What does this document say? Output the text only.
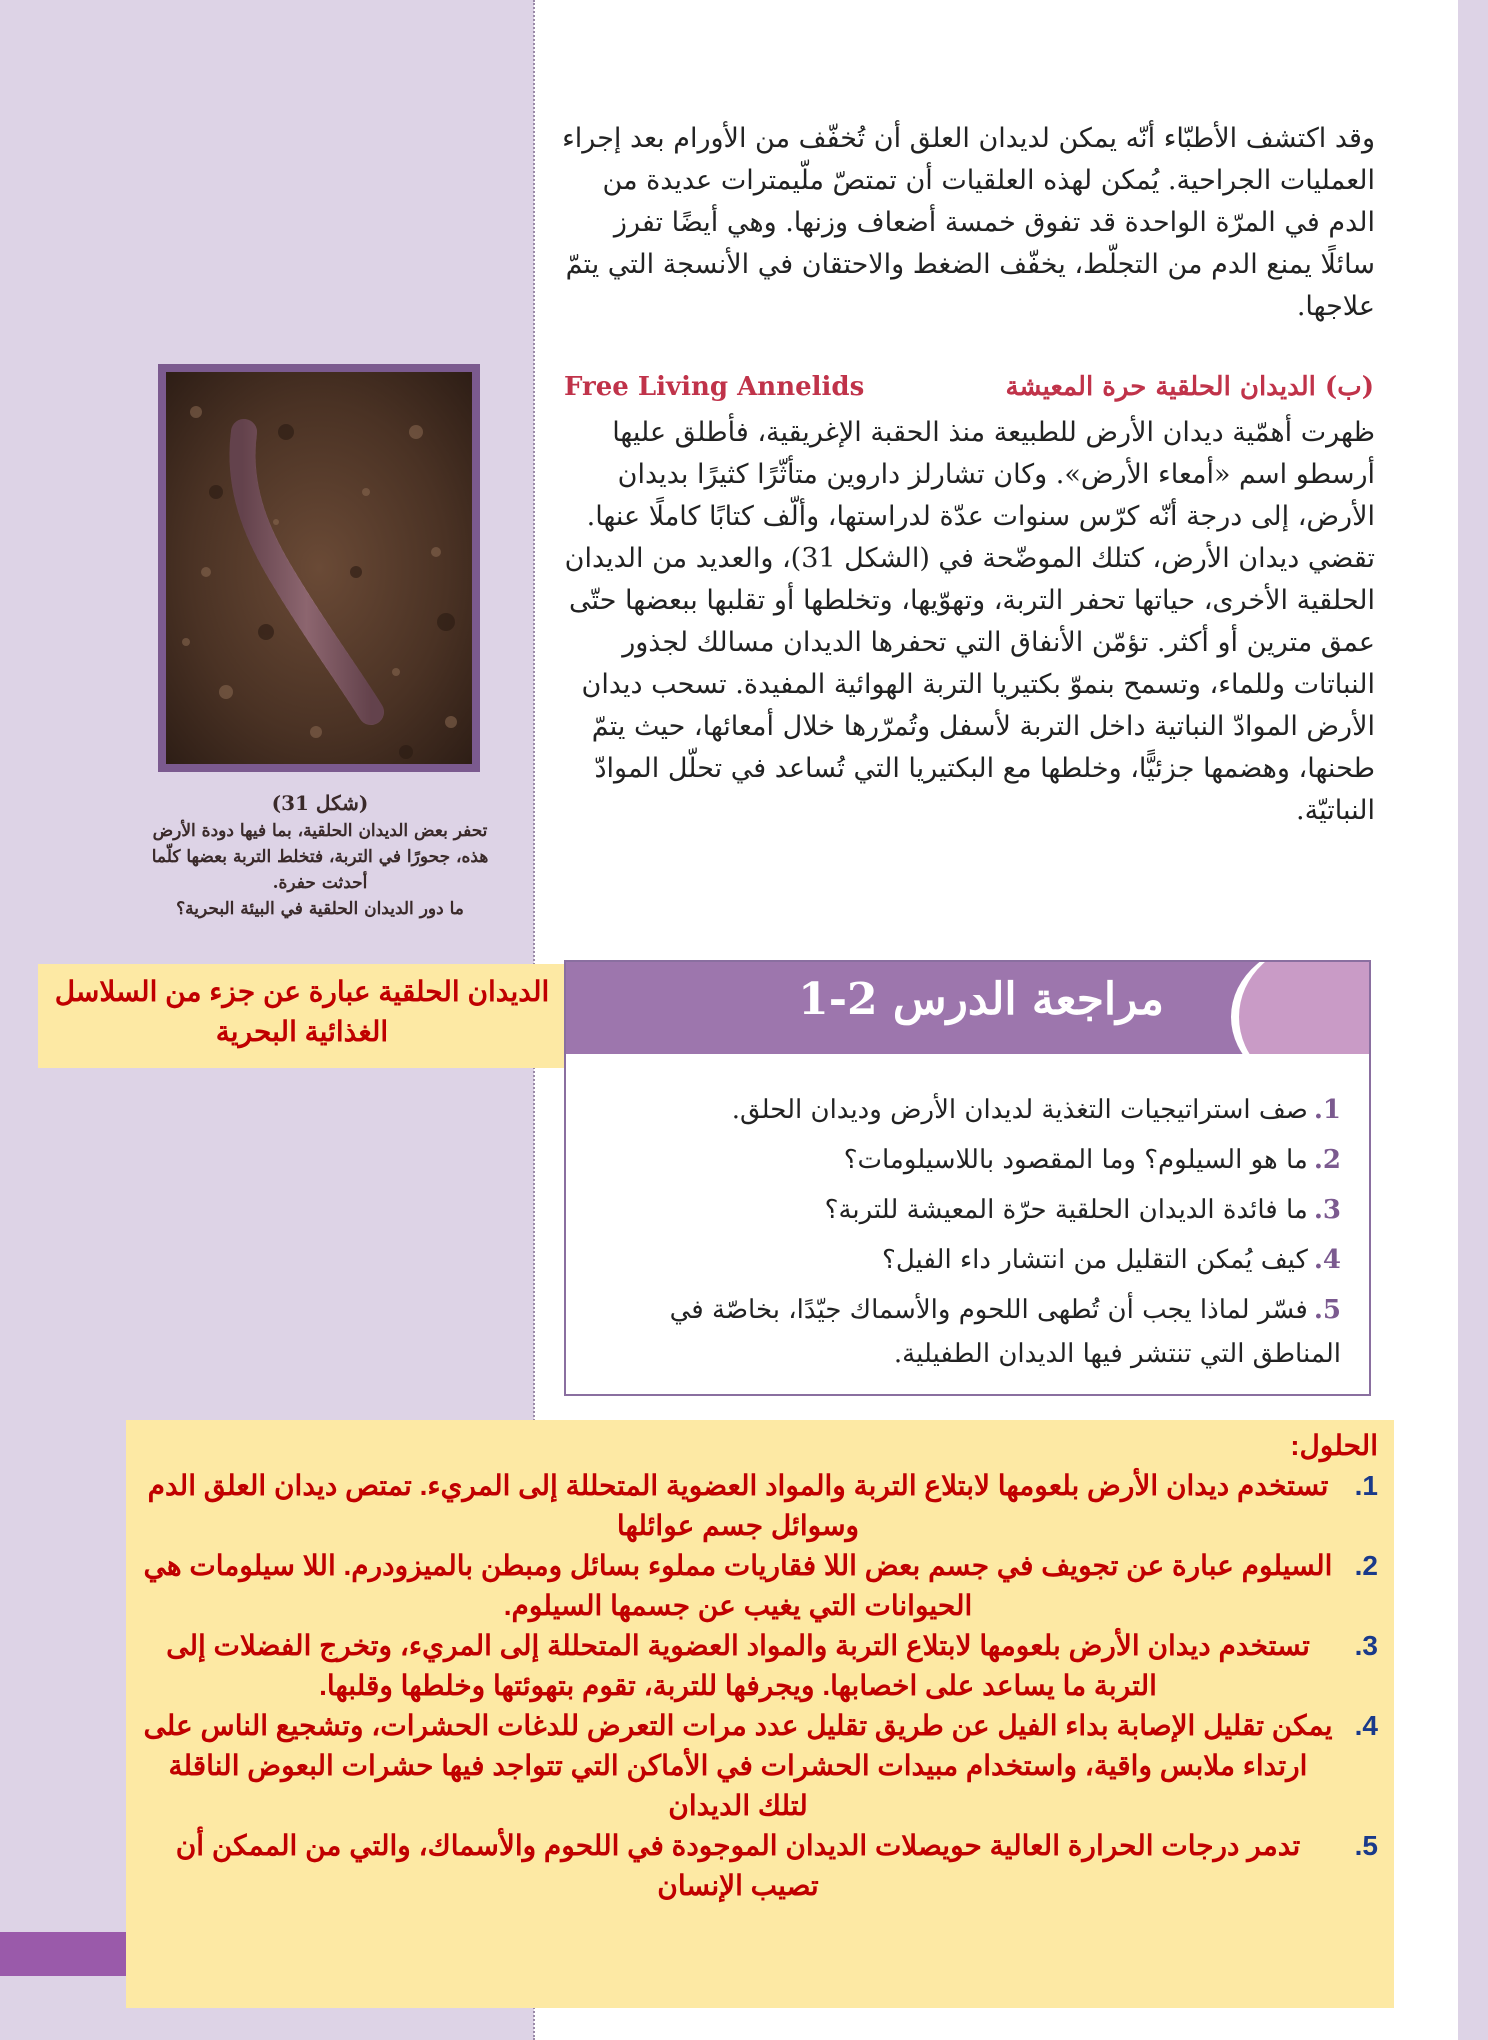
وقد اكتشف الأطبّاء أنّه يمكن لديدان العلق أن تُخفّف من الأورام بعد إجراء العمليات الجراحية. يُمكن لهذه العلقيات أن تمتصّ ملّيمترات عديدة من الدم في المرّة الواحدة قد تفوق خمسة أضعاف وزنها. وهي أيضًا تفرز سائلًا يمنع الدم من التجلّط، يخفّف الضغط والاحتقان في الأنسجة التي يتمّ علاجها.

(ب) الديدان الحلقية حرة المعيشة
Free Living Annelids

ظهرت أهمّية ديدان الأرض للطبيعة منذ الحقبة الإغريقية، فأطلق عليها أرسطو اسم «أمعاء الأرض». وكان تشارلز داروين متأثّرًا كثيرًا بديدان الأرض، إلى درجة أنّه كرّس سنوات عدّة لدراستها، وألّف كتابًا كاملًا عنها. تقضي ديدان الأرض، كتلك الموضّحة في (الشكل 31)، والعديد من الديدان الحلقية الأخرى، حياتها تحفر التربة، وتهوّيها، وتخلطها أو تقلبها ببعضها حتّى عمق مترين أو أكثر. تؤمّن الأنفاق التي تحفرها الديدان مسالك لجذور النباتات وللماء، وتسمح بنموّ بكتيريا التربة الهوائية المفيدة. تسحب ديدان الأرض الموادّ النباتية داخل التربة لأسفل وتُمرّرها خلال أمعائها، حيث يتمّ طحنها، وهضمها جزئيًّا، وخلطها مع البكتيريا التي تُساعد في تحلّل الموادّ النباتيّة.

(شكل 31)
تحفر بعض الديدان الحلقية، بما فيها دودة الأرض هذه، جحورًا في التربة، فتخلط التربة بعضها كلّما أحدثت حفرة.
ما دور الديدان الحلقية في البيئة البحرية؟
الديدان الحلقية عبارة عن جزء من السلاسل الغذائية البحرية
مراجعة الدرس 2-1
1.صف استراتيجيات التغذية لديدان الأرض وديدان الحلق.
2.ما هو السيلوم؟ وما المقصود باللاسيلومات؟
3.ما فائدة الديدان الحلقية حرّة المعيشة للتربة؟
4.كيف يُمكن التقليل من انتشار داء الفيل؟
5.فسّر لماذا يجب أن تُطهى اللحوم والأسماك جيّدًا، بخاصّة في المناطق التي تنتشر فيها الديدان الطفيلية.
الحلول:
1.
تستخدم ديدان الأرض بلعومها لابتلاع التربة والمواد العضوية المتحللة إلى المريء. تمتص ديدان العلق الدم وسوائل جسم عوائلها
2.
السيلوم عبارة عن تجويف في جسم بعض اللا فقاريات مملوء بسائل ومبطن بالميزودرم. اللا سيلومات هي الحيوانات التي يغيب عن جسمها السيلوم.
3.
تستخدم ديدان الأرض بلعومها لابتلاع التربة والمواد العضوية المتحللة إلى المريء، وتخرج الفضلات إلى التربة ما يساعد على اخصابها. ويجرفها للتربة، تقوم بتهوئتها وخلطها وقلبها.
4.
يمكن تقليل الإصابة بداء الفيل عن طريق تقليل عدد مرات التعرض للدغات الحشرات، وتشجيع الناس على ارتداء ملابس واقية، واستخدام مبيدات الحشرات في الأماكن التي تتواجد فيها حشرات البعوض الناقلة لتلك الديدان
5.
تدمر درجات الحرارة العالية حويصلات الديدان الموجودة في اللحوم والأسماك، والتي من الممكن أن تصيب الإنسان
